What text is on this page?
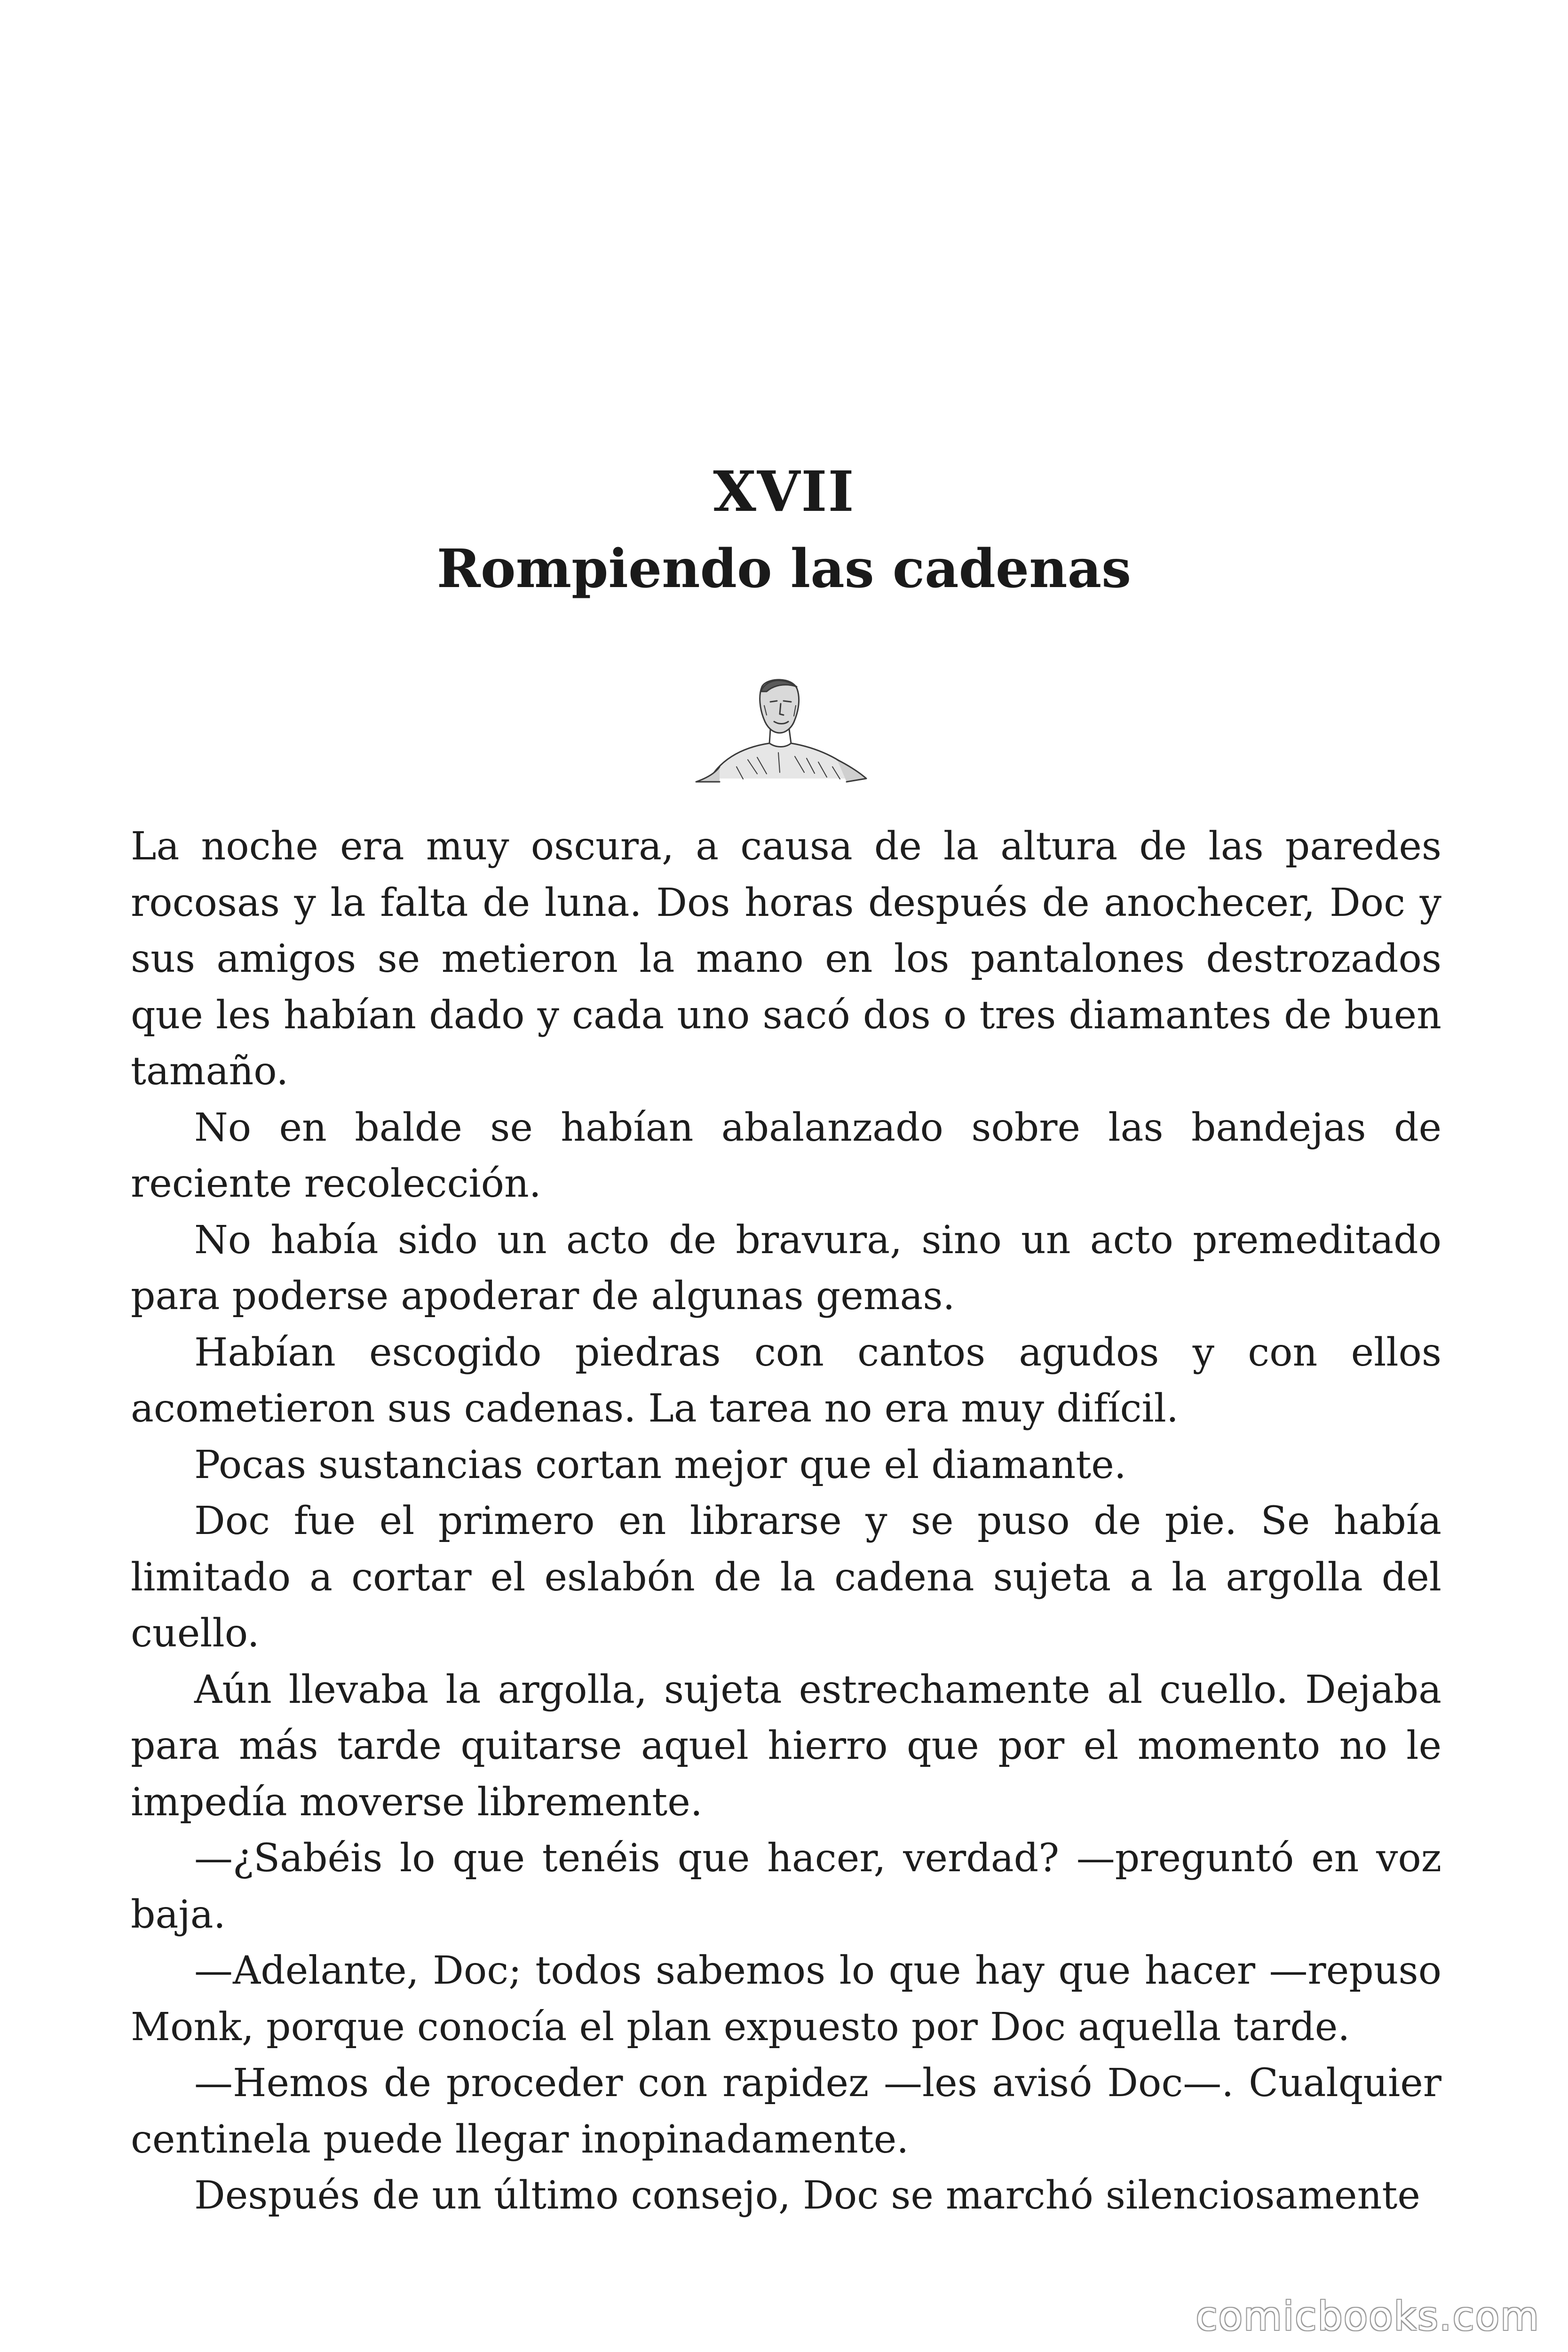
XVII
Rompiendo las cadenas

La noche era muy oscura, a causa de la altura de las paredes rocosas y la falta de luna. Dos horas después de anochecer, Doc y sus amigos se metieron la mano en los pantalones destrozados que les habían dado y cada uno sacó dos o tres diamantes de buen tamaño.

No en balde se habían abalanzado sobre las bandejas de reciente recolección.

No había sido un acto de bravura, sino un acto premeditado para poderse apoderar de algunas gemas.

Habían escogido piedras con cantos agudos y con ellos acometieron sus cadenas. La tarea no era muy difícil.

Pocas sustancias cortan mejor que el diamante.

Doc fue el primero en librarse y se puso de pie. Se había limitado a cortar el eslabón de la cadena sujeta a la argolla del cuello.

Aún llevaba la argolla, sujeta estrechamente al cuello. Dejaba para más tarde quitarse aquel hierro que por el momento no le impedía moverse libremente.

—¿Sabéis lo que tenéis que hacer, verdad? —preguntó en voz baja.

—Adelante, Doc; todos sabemos lo que hay que hacer —repuso Monk, porque conocía el plan expuesto por Doc aquella tarde.

—Hemos de proceder con rapidez —les avisó Doc—. Cualquier centinela puede llegar inopinadamente.

Después de un último consejo, Doc se marchó silenciosamente

comicbooks.com
